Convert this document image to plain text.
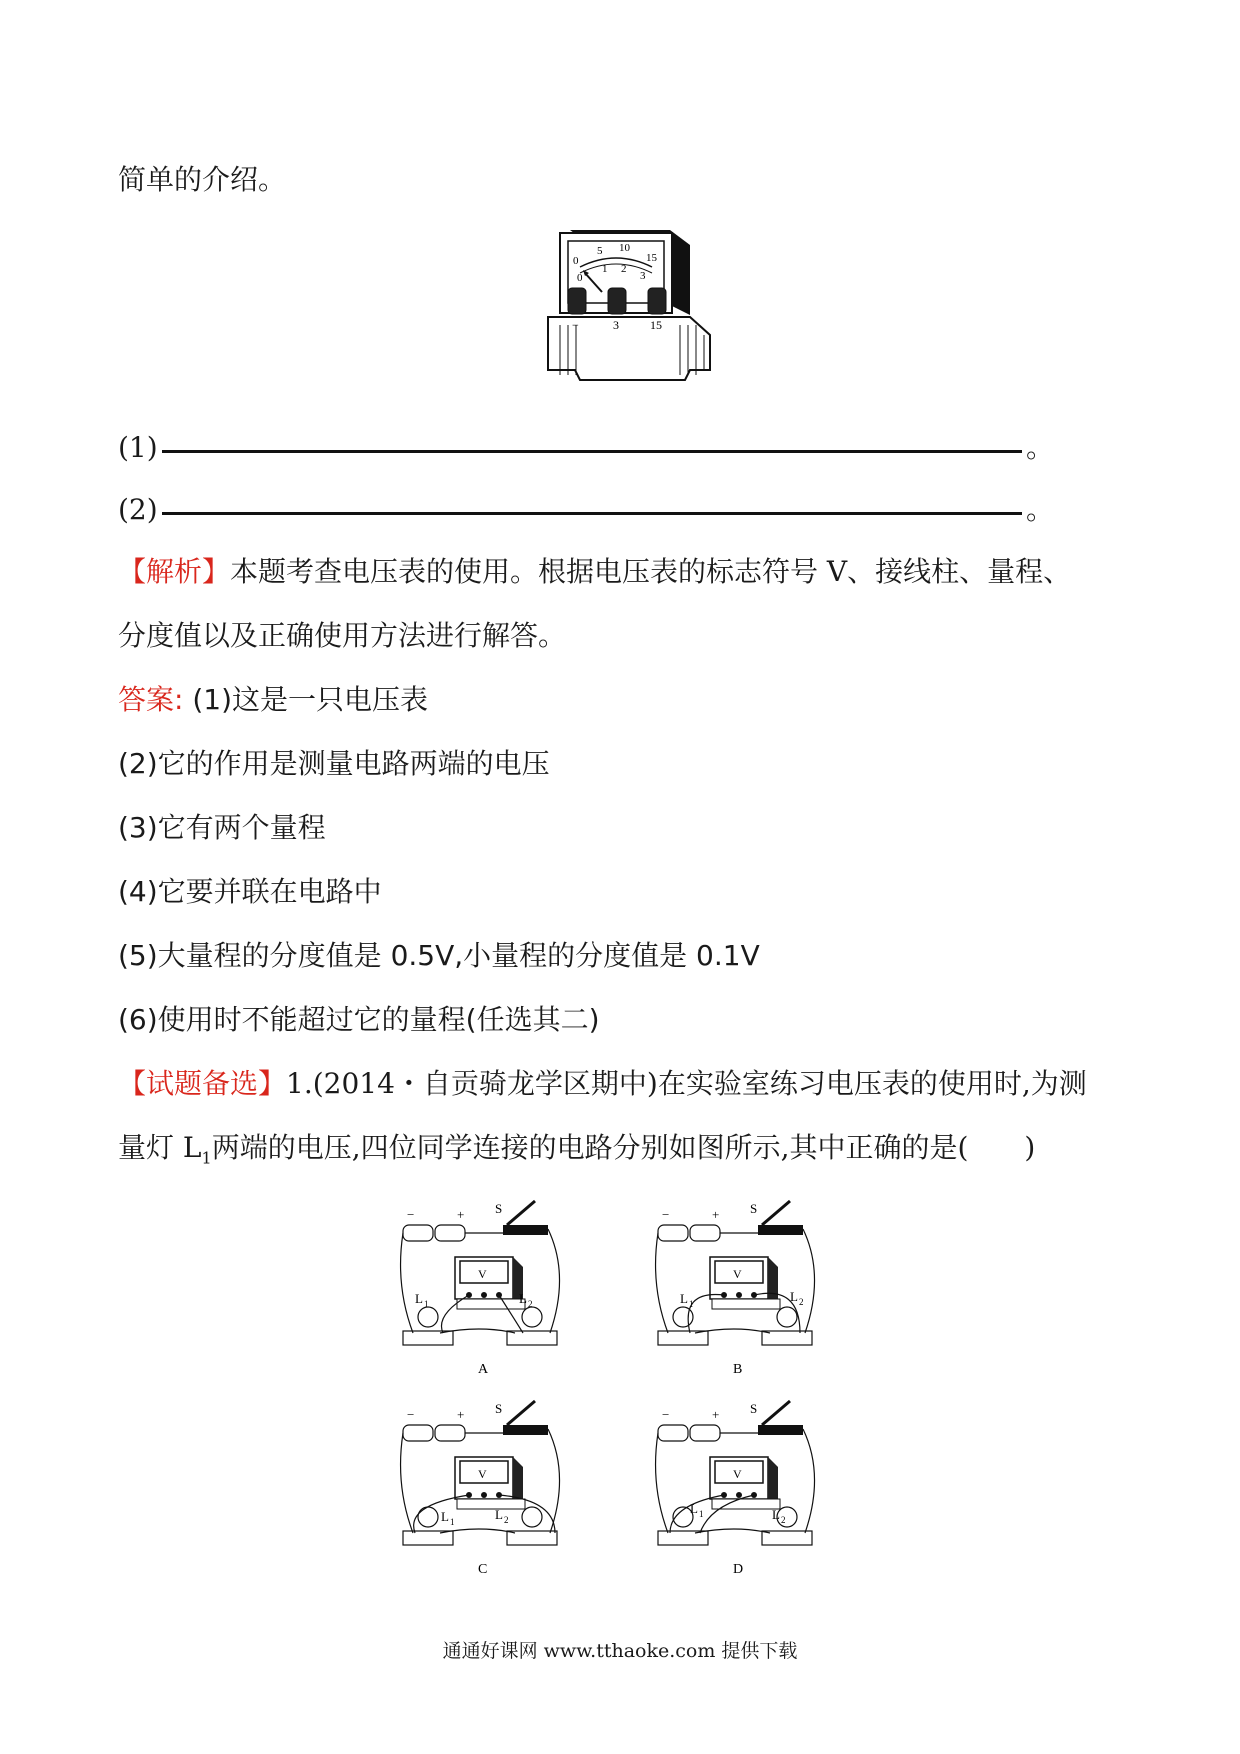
简单的介绍。
0
5 10
15
0
1 2
3
−	3	15
(1)	。
(2)	。
【解析】本题考查电压表的使用。根据电压表的标志符号 V、接线柱、量程、
分度值以及正确使用方法进行解答。
答案: (1)这是一只电压表
(2)它的作用是测量电路两端的电压
(3)它有两个量程
(4)它要并联在电路中
(5)大量程的分度值是 0.5V,小量程的分度值是 0.1V
(6)使用时不能超过它的量程(任选其二)
【试题备选】1.(2014・自贡骑龙学区期中)在实验室练习电压表的使用时,为测
量灯 $L_1$两端的电压,四位同学连接的电路分别如图所示,其中正确的是(　　)
−	+ S
V
L 1	L 2
A
−	+ S
V
L 1	L 2
B
−	+ S
V
L 1	L 2
C
−	+ S
V
L 1	L 2
D
通通好课网 www.tthaoke.com 提供下载
